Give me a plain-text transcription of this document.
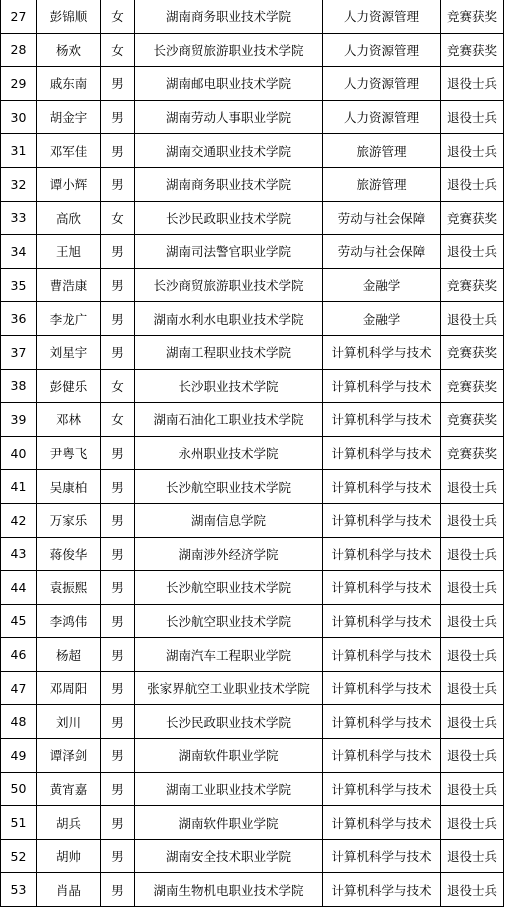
27	彭锦顺	女	湖南商务职业技术学院	人力资源管理	竞赛获奖
28	杨欢	女	长沙商贸旅游职业技术学院	人力资源管理	竞赛获奖
29	戚东南	男	湖南邮电职业技术学院	人力资源管理	退役士兵
30	胡金宇	男	湖南劳动人事职业学院	人力资源管理	退役士兵
31	邓军佳	男	湖南交通职业技术学院	旅游管理	退役士兵
32	谭小辉	男	湖南商务职业技术学院	旅游管理	退役士兵
33	高欣	女	长沙民政职业技术学院	劳动与社会保障	竞赛获奖
34	王旭	男	湖南司法警官职业学院	劳动与社会保障	退役士兵
35	曹浩康	男	长沙商贸旅游职业技术学院	金融学	竞赛获奖
36	李龙广	男	湖南水利水电职业技术学院	金融学	退役士兵
37	刘星宇	男	湖南工程职业技术学院	计算机科学与技术	竞赛获奖
38	彭健乐	女	长沙职业技术学院	计算机科学与技术	竞赛获奖
39	邓林	女	湖南石油化工职业技术学院	计算机科学与技术	竞赛获奖
40	尹粤飞	男	永州职业技术学院	计算机科学与技术	竞赛获奖
41	吴康柏	男	长沙航空职业技术学院	计算机科学与技术	退役士兵
42	万家乐	男	湖南信息学院	计算机科学与技术	退役士兵
43	蒋俊华	男	湖南涉外经济学院	计算机科学与技术	退役士兵
44	袁振熙	男	长沙航空职业技术学院	计算机科学与技术	退役士兵
45	李鸿伟	男	长沙航空职业技术学院	计算机科学与技术	退役士兵
46	杨超	男	湖南汽车工程职业学院	计算机科学与技术	退役士兵
47	邓周阳	男	张家界航空工业职业技术学院	计算机科学与技术	退役士兵
48	刘川	男	长沙民政职业技术学院	计算机科学与技术	退役士兵
49	谭泽剑	男	湖南软件职业学院	计算机科学与技术	退役士兵
50	黄宵嘉	男	湖南工业职业技术学院	计算机科学与技术	退役士兵
51	胡兵	男	湖南软件职业学院	计算机科学与技术	退役士兵
52	胡帅	男	湖南安全技术职业学院	计算机科学与技术	退役士兵
53	肖晶	男	湖南生物机电职业技术学院	计算机科学与技术	退役士兵
